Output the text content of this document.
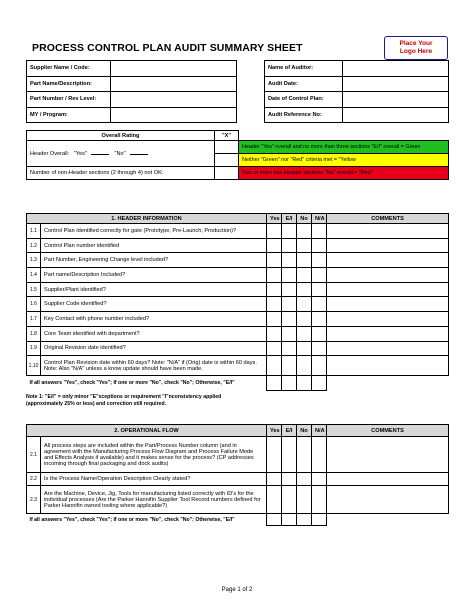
PROCESS CONTROL PLAN AUDIT SUMMARY SHEET	Place Your
Logo Here
Supplier Name / Code:			Name of Auditor:	
Part Name/Description:			Audit Date:	
Part Number / Rev Level:			Date of Control Plan:	
MY / Program:			Audit Reference No:	
Overall Rating	"X"	
Header Overall: "Yes" "No"		Header "Yes" overall and no more than three sections "E/I" overall = Green
		Neither "Green" nor "Red" criteria met = "Yellow
Number of non-Header sections (2 through 4) not OK:		Two or more non-Header sections "No" overall = "Red"
1. HEADER INFORMATION		Yes	E/I	No	N/A	COMMENTS
1.1	Control Plan identified correctly for gate (Prototype, Pre-Launch, Production)?					
1.2	Control Plan number identified					
1.3	Part Number, Engineering Change level included?					
1.4	Part name/Description Included?					
1.5	Supplier/Plant identified?					
1.6	Supplier Code identified?					
1.7	Key Contact with phone number included?					
1.8	Core Team identified with department?					
1.9	Original Revision date identified?					
1.10	Control Plan Revision date within 60 days? Note: "N/A" if (Orig) date is within 60 days. Note: Also "N/A" unless a know update should have been made.					
If all answers "Yes", check "Yes"; If one or more "No", check "No"; Otherwise, "E/I"						
Note 1: "E/I" = only minor "E"xceptions or requirement "I"nconsistency applied
(approximately 25% or less) and correction still required.
2. OPERATIONAL FLOW		Yes	E/I	No	N/A	COMMENTS
2.1	All process steps are included within the Part/Process Number column (and in agreement with the Manufacturing Process Flow Diagram and Process Failure Mode and Effects Analysis if available) and it makes sense for the process? (CP addresses incoming through final packaging and dock audits)					
2.2	Is the Process Name/Operation Description Clearly stated?					
2.3	Are the Machine, Device, Jig, Tools for manufacturing listed correctly with ID's for the individual processes (Are the Parker Hannifin Supplier Tool Record numbers defined for Parker Hannifin owned tooling where applicable?)					
If all answers "Yes", check "Yes"; If one or more "No", check "No"; Otherwise, "E/I"						
Page 1 of 2
